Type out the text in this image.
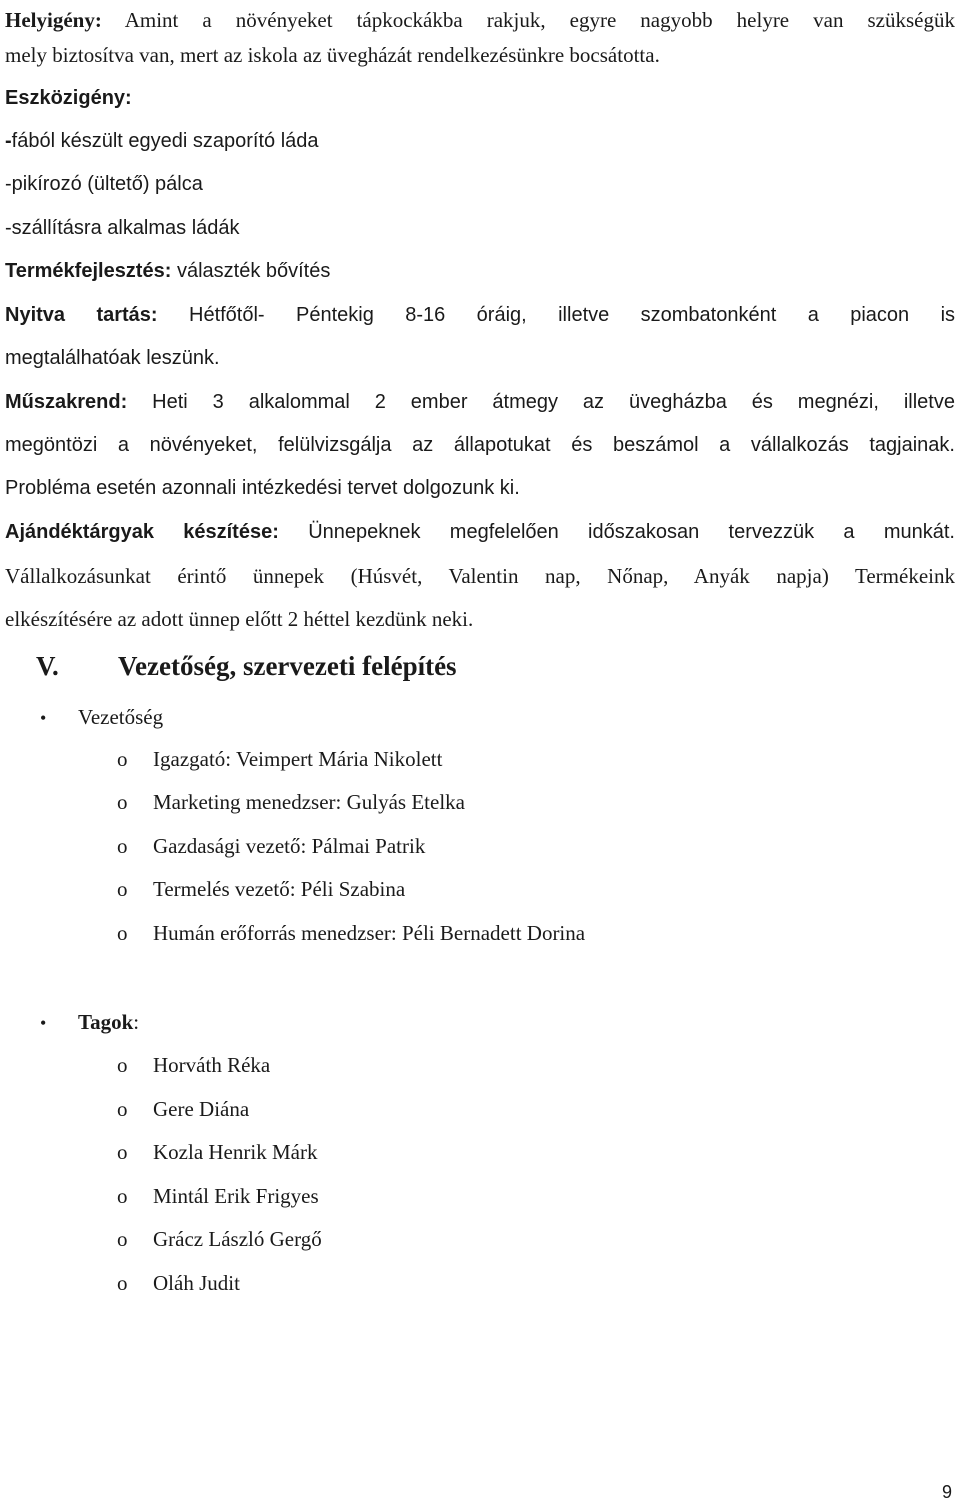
Helyigény: Amint a növényeket tápkockákba rakjuk, egyre nagyobb helyre van szükségük
mely biztosítva van, mert az iskola az üvegházát rendelkezésünkre bocsátotta.
Eszközigény:
-fából készült egyedi szaporító láda
-pikírozó (ültető) pálca
-szállításra alkalmas ládák
Termékfejlesztés: választék bővítés
Nyitva tartás: Hétfőtől- Péntekig 8-16 óráig, illetve szombatonként a piacon is
megtalálhatóak leszünk.
Műszakrend: Heti 3 alkalommal 2 ember átmegy az üvegházba és megnézi, illetve
megöntözi a növényeket, felülvizsgálja az állapotukat és beszámol a vállalkozás tagjainak.
Probléma esetén azonnali intézkedési tervet dolgozunk ki.
Ajándéktárgyak készítése: Ünnepeknek megfelelően időszakosan tervezzük a munkát.
Vállalkozásunkat érintő ünnepek (Húsvét, Valentin nap, Nőnap, Anyák napja) Termékeink
elkészítésére az adott ünnep előtt 2 héttel kezdünk neki.
V. Vezetőség, szervezeti felépítés
• Vezetőség
o Igazgató: Veimpert Mária Nikolett
o Marketing menedzser: Gulyás Etelka
o Gazdasági vezető: Pálmai Patrik
o Termelés vezető: Péli Szabina
o Humán erőforrás menedzser: Péli Bernadett Dorina
• Tagok:
o Horváth Réka
o Gere Diána
o Kozla Henrik Márk
o Mintál Erik Frigyes
o Grácz László Gergő
o Oláh Judit
9
